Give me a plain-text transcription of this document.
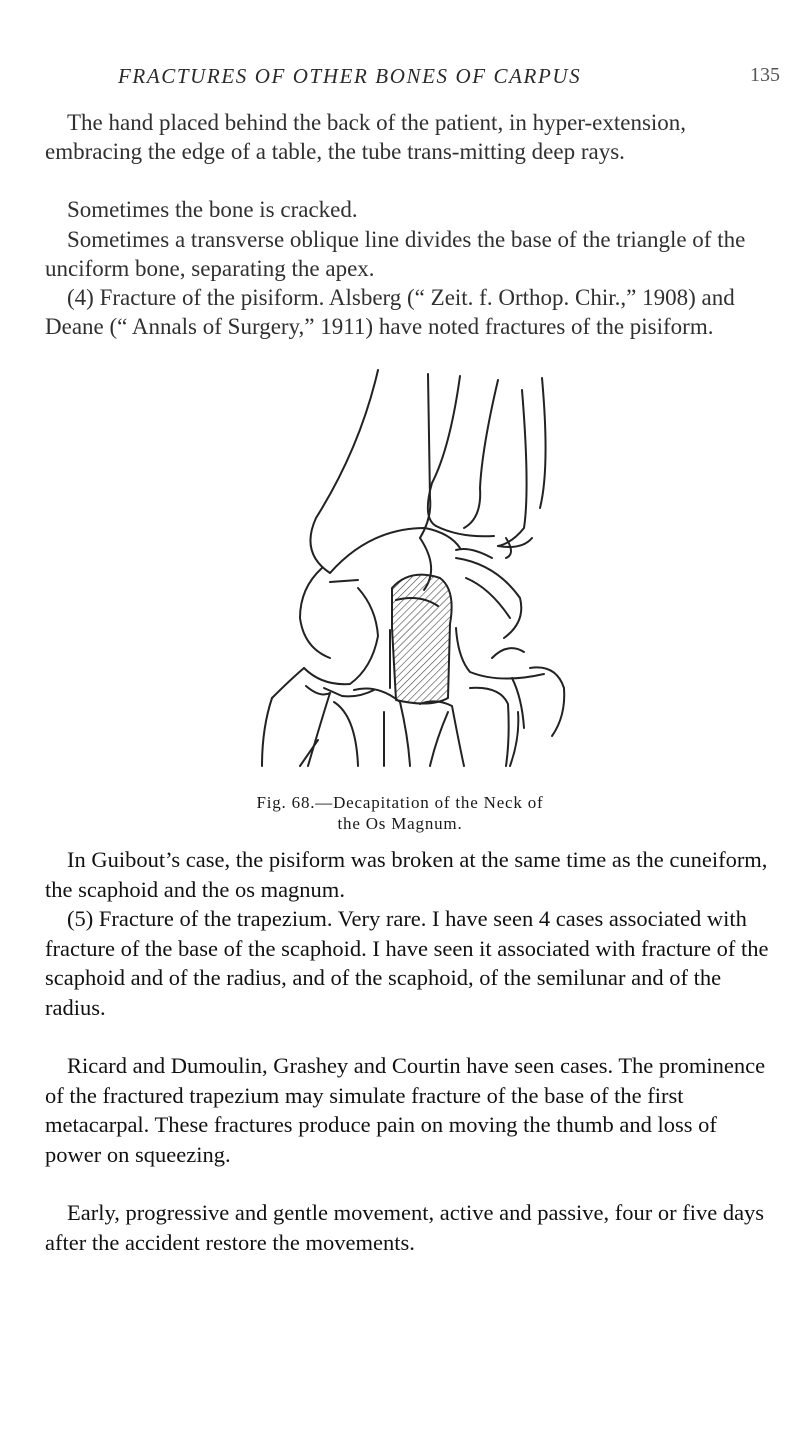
FRACTURES OF OTHER BONES OF CARPUS	135

The hand placed behind the back of the patient, in hyper-extension, embracing the edge of a table, the tube trans-mitting deep rays.

Sometimes the bone is cracked.

Sometimes a transverse oblique line divides the base of the triangle of the unciform bone, separating the apex.

(4) Fracture of the pisiform. Alsberg (“ Zeit. f. Orthop. Chir.,” 1908) and Deane (“ Annals of Surgery,” 1911) have noted fractures of the pisiform.

Fig. 68.—Decapitation of the Neck of

the Os Magnum.

In Guibout’s case, the pisiform was broken at the same time as the cuneiform, the scaphoid and the os magnum.

(5) Fracture of the trapezium. Very rare. I have seen 4 cases associated with fracture of the base of the scaphoid. I have seen it associated with fracture of the scaphoid and of the radius, and of the scaphoid, of the semilunar and of the radius.

Ricard and Dumoulin, Grashey and Courtin have seen cases. The prominence of the fractured trapezium may simulate fracture of the base of the first metacarpal. These fractures produce pain on moving the thumb and loss of power on squeezing.

Early, progressive and gentle movement, active and passive, four or five days after the accident restore the movements.
